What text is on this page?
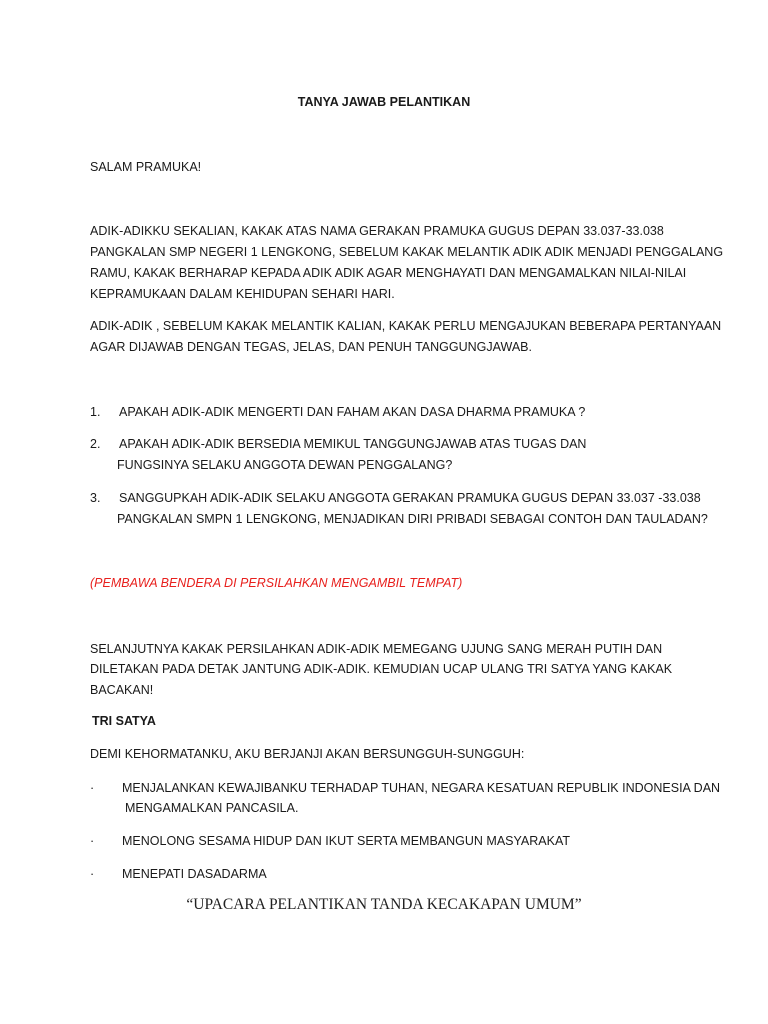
TANYA JAWAB PELANTIKAN
SALAM PRAMUKA!
ADIK-ADIKKU SEKALIAN, KAKAK ATAS NAMA GERAKAN PRAMUKA GUGUS DEPAN 33.037-33.038
PANGKALAN SMP NEGERI 1 LENGKONG, SEBELUM KAKAK MELANTIK ADIK ADIK MENJADI PENGGALANG
RAMU, KAKAK BERHARAP KEPADA ADIK ADIK AGAR MENGHAYATI DAN MENGAMALKAN NILAI-NILAI
KEPRAMUKAAN DALAM KEHIDUPAN SEHARI HARI.
ADIK-ADIK , SEBELUM KAKAK MELANTIK KALIAN, KAKAK PERLU MENGAJUKAN BEBERAPA PERTANYAAN
AGAR DIJAWAB DENGAN TEGAS, JELAS, DAN PENUH TANGGUNGJAWAB.
1. APAKAH ADIK-ADIK MENGERTI DAN FAHAM AKAN DASA DHARMA PRAMUKA ?
2. APAKAH ADIK-ADIK BERSEDIA MEMIKUL TANGGUNGJAWAB ATAS TUGAS DAN
FUNGSINYA SELAKU ANGGOTA DEWAN PENGGALANG?
3. SANGGUPKAH ADIK-ADIK SELAKU ANGGOTA GERAKAN PRAMUKA GUGUS DEPAN 33.037 -33.038
PANGKALAN SMPN 1 LENGKONG, MENJADIKAN DIRI PRIBADI SEBAGAI CONTOH DAN TAULADAN?
(PEMBAWA BENDERA DI PERSILAHKAN MENGAMBIL TEMPAT)
SELANJUTNYA KAKAK PERSILAHKAN ADIK-ADIK MEMEGANG UJUNG SANG MERAH PUTIH DAN
DILETAKAN PADA DETAK JANTUNG ADIK-ADIK. KEMUDIAN UCAP ULANG TRI SATYA YANG KAKAK
BACAKAN!
TRI SATYA
DEMI KEHORMATANKU, AKU BERJANJI AKAN BERSUNGGUH-SUNGGUH:
· MENJALANKAN KEWAJIBANKU TERHADAP TUHAN, NEGARA KESATUAN REPUBLIK INDONESIA DAN
MENGAMALKAN PANCASILA.
· MENOLONG SESAMA HIDUP DAN IKUT SERTA MEMBANGUN MASYARAKAT
· MENEPATI DASADARMA
“UPACARA PELANTIKAN TANDA KECAKAPAN UMUM”
